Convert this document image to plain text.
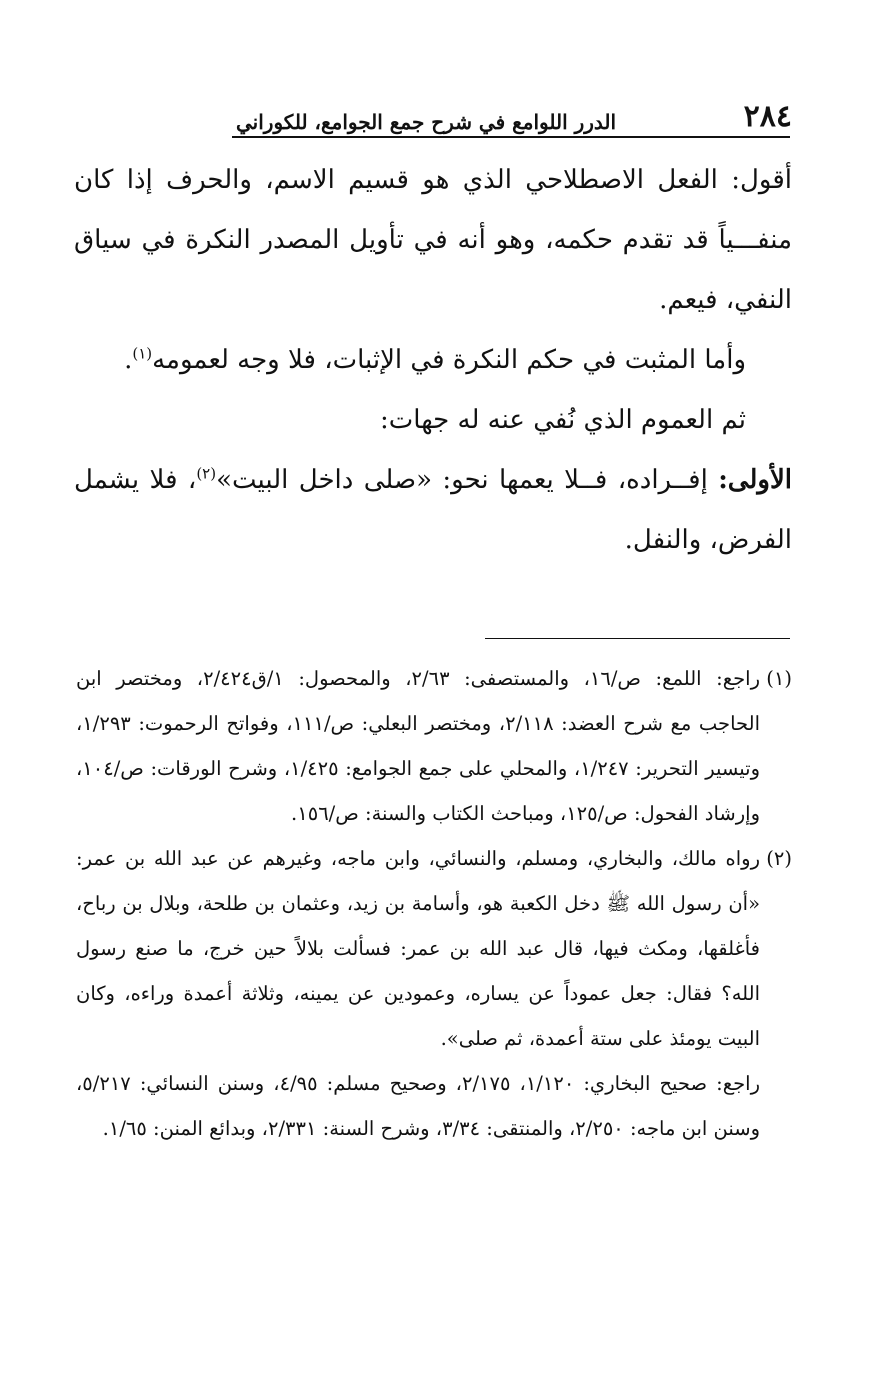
٢٨٤
الدرر اللوامع في شرح جمع الجوامع، للكوراني

أقول: الفعل الاصطلاحي الذي هو قسيم الاسم، والحرف إذا كان منفـــياً قد تقدم حكمه، وهو أنه في تأويل المصدر النكرة في سياق النفي، فيعم.

وأما المثبت في حكم النكرة في الإثبات، فلا وجه لعمومه$^{(١)}$.

ثم العموم الذي نُفي عنه له جهات:

الأولى: إفــراده، فــلا يعمها نحو: «صلى داخل البيت»$^{(٢)}$، فلا يشمل الفرض، والنفل.

(١)
راجع: اللمع: ص/١٦، والمستصفى: ٢/٦٣، والمحصول: ١/ق٢/٤٢٤، ومختصر ابن الحاجب مع شرح العضد: ٢/١١٨، ومختصر البعلي: ص/١١١، وفواتح الرحموت: ١/٢٩٣، وتيسير التحرير: ١/٢٤٧، والمحلي على جمع الجوامع: ١/٤٢٥، وشرح الورقات: ص/١٠٤، وإرشاد الفحول: ص/١٢٥، ومباحث الكتاب والسنة: ص/١٥٦.
(٢)
رواه مالك، والبخاري، ومسلم، والنسائي، وابن ماجه، وغيرهم عن عبد الله بن عمر: «أن رسول الله ﷺ دخل الكعبة هو، وأسامة بن زيد، وعثمان بن طلحة، وبلال بن رباح، فأغلقها، ومكث فيها، قال عبد الله بن عمر: فسألت بلالاً حين خرج، ما صنع رسول الله؟ فقال: جعل عموداً عن يساره، وعمودين عن يمينه، وثلاثة أعمدة وراءه، وكان البيت يومئذ على ستة أعمدة، ثم صلى».
راجع: صحيح البخاري: ١/١٢٠، ٢/١٧٥، وصحيح مسلم: ٤/٩٥، وسنن النسائي: ٥/٢١٧، وسنن ابن ماجه: ٢/٢٥٠، والمنتقى: ٣/٣٤، وشرح السنة: ٢/٣٣١، وبدائع المنن: ١/٦٥.
